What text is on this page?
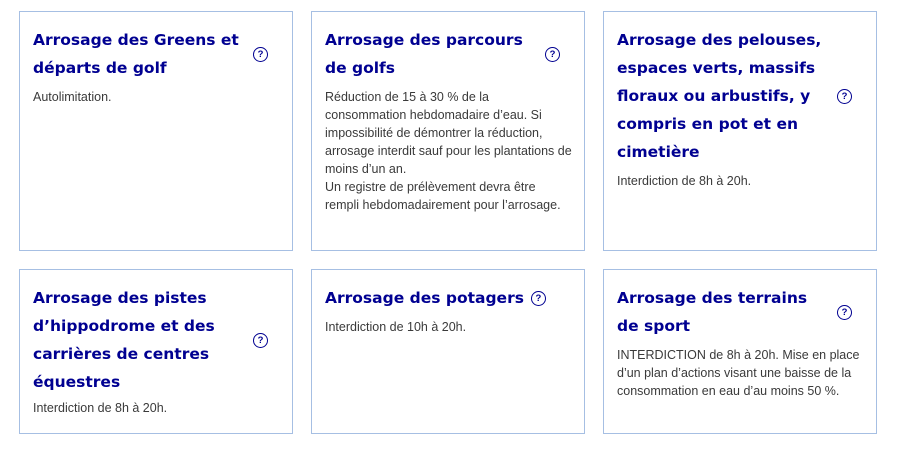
Arrosage des Greens et départs de golf
?

Autolimitation.

Arrosage des parcours de golfs
?

Réduction de 15 à 30 % de la consommation hebdomadaire d’eau. Si impossibilité de démontrer la réduction, arrosage interdit sauf pour les plantations de moins d’un an.
Un registre de prélèvement devra être rempli hebdomadairement pour l’arrosage.

Arrosage des pelouses, espaces verts, massifs floraux ou arbustifs, y compris en pot et en cimetière
?

Interdiction de 8h à 20h.

Arrosage des pistes d’hippodrome et des carrières de centres équestres
?

Interdiction de 8h à 20h.

Arrosage des potagers	?

Interdiction de 10h à 20h.

Arrosage des terrains de sport
?

INTERDICTION de 8h à 20h. Mise en place d’un plan d’actions visant une baisse de la consommation en eau d’au moins 50 %.
